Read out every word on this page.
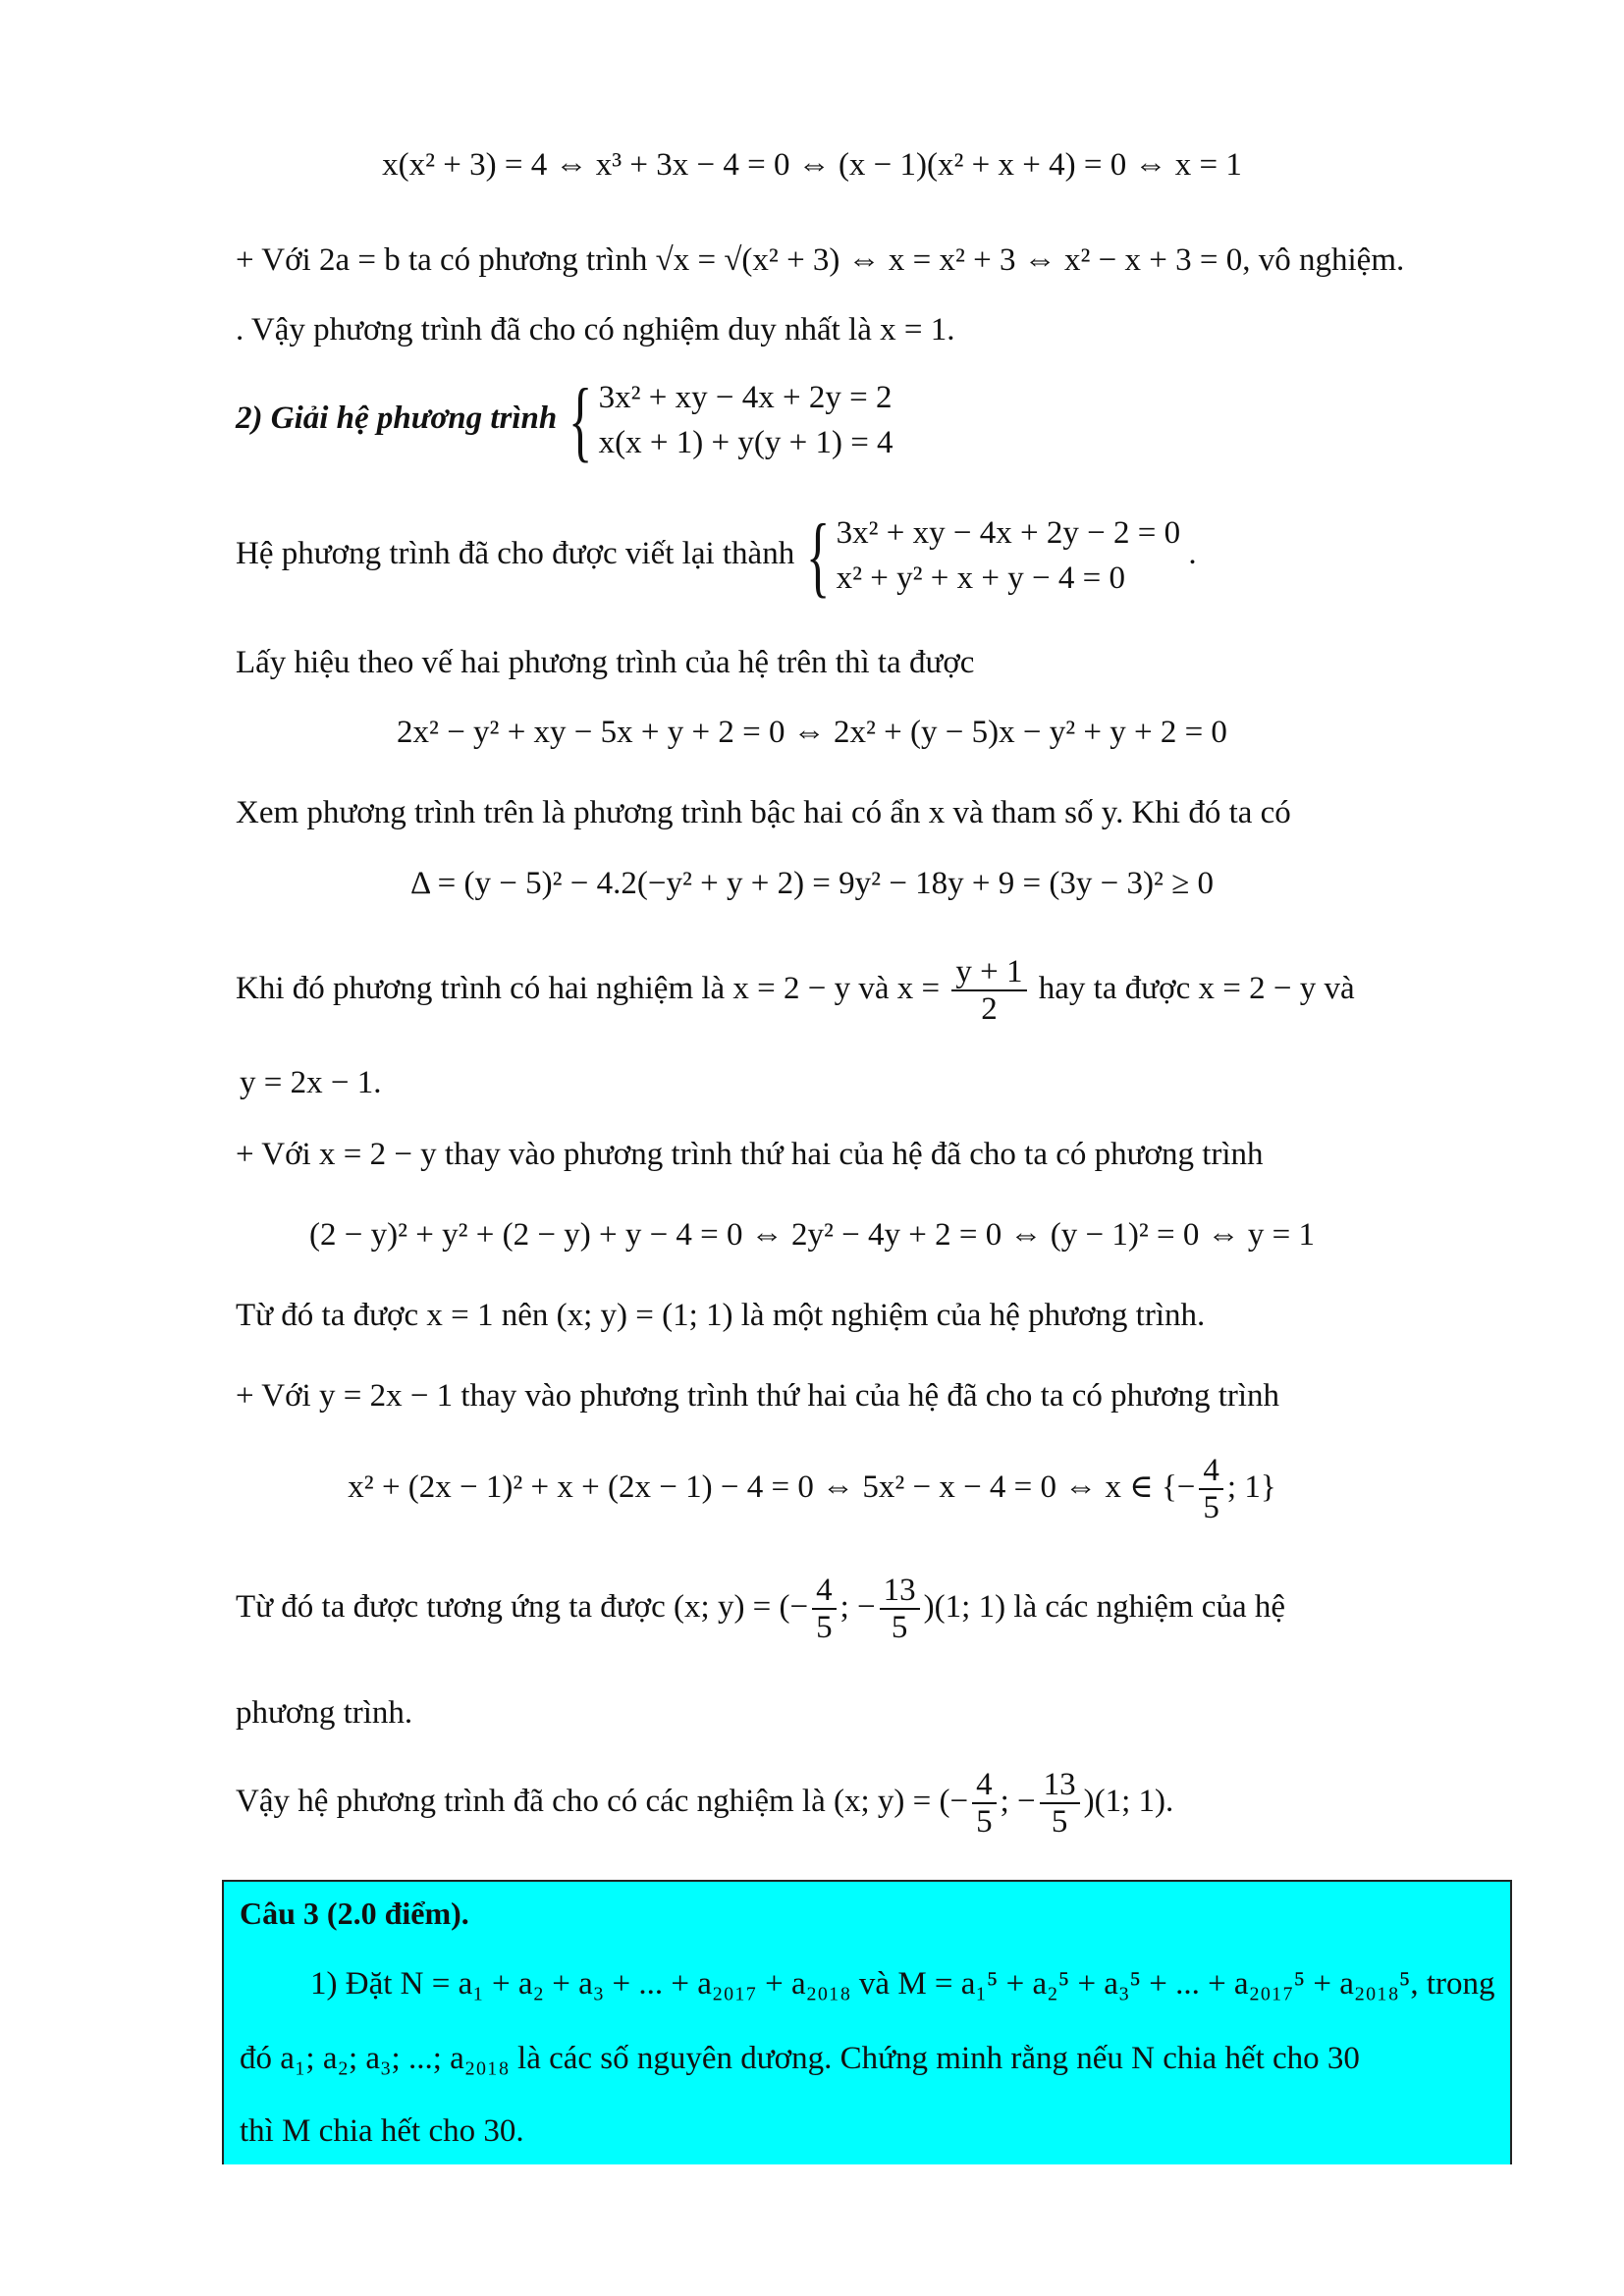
x(x² + 3) = 4 ⇔ x³ + 3x − 4 = 0 ⇔ (x − 1)(x² + x + 4) = 0 ⇔ x = 1
+ Với 2a = b ta có phương trình √x = √(x² + 3) ⇔ x = x² + 3 ⇔ x² − x + 3 = 0, vô nghiệm.
. Vậy phương trình đã cho có nghiệm duy nhất là x = 1.
2) Giải hệ phương trình { 3x² + xy − 4x + 2y = 2
x(x + 1) + y(y + 1) = 4
Hệ phương trình đã cho được viết lại thành { 3x² + xy − 4x + 2y − 2 = 0
x² + y² + x + y − 4 = 0
.
Lấy hiệu theo vế hai phương trình của hệ trên thì ta được
2x² − y² + xy − 5x + y + 2 = 0 ⇔ 2x² + (y − 5)x − y² + y + 2 = 0
Xem phương trình trên là phương trình bậc hai có ẩn x và tham số y. Khi đó ta có
Δ = (y − 5)² − 4.2(−y² + y + 2) = 9y² − 18y + 9 = (3y − 3)² ≥ 0
Khi đó phương trình có hai nghiệm là x = 2 − y và $x = \frac{y + 1}{2}$ hay ta được x = 2 − y và
y = 2x − 1.
+ Với x = 2 − y thay vào phương trình thứ hai của hệ đã cho ta có phương trình
(2 − y)² + y² + (2 − y) + y − 4 = 0 ⇔ 2y² − 4y + 2 = 0 ⇔ (y − 1)² = 0 ⇔ y = 1
Từ đó ta được x = 1 nên (x; y) = (1; 1) là một nghiệm của hệ phương trình.
+ Với y = 2x − 1 thay vào phương trình thứ hai của hệ đã cho ta có phương trình
x² + (2x − 1)² + x + (2x − 1) − 4 = 0 ⇔ 5x² − x − 4 = 0 ⇔ x ∈ {− $\frac{4}{5}$ ; 1}
Từ đó ta được tương ứng ta được (x; y) = (− $\frac{4}{5}$ ; − $\frac{13}{5} )(1$; 1) là các nghiệm của hệ
phương trình.
Vậy hệ phương trình đã cho có các nghiệm là (x; y) = (− $\frac{4}{5}$ ; − $\frac{13}{5} )(1$; 1).
Câu 3 (2.0 điểm).
1) Đặt N = a₁ + a₂ + a₃ + ... + a₂₀₁₇ + a₂₀₁₈ và M = a₁⁵ + a₂⁵ + a₃⁵ + ... + a₂₀₁₇⁵ + a₂₀₁₈⁵, trong
đó a₁; a₂; a₃; ...; a₂₀₁₈ là các số nguyên dương. Chứng minh rằng nếu N chia hết cho 30
thì M chia hết cho 30.
